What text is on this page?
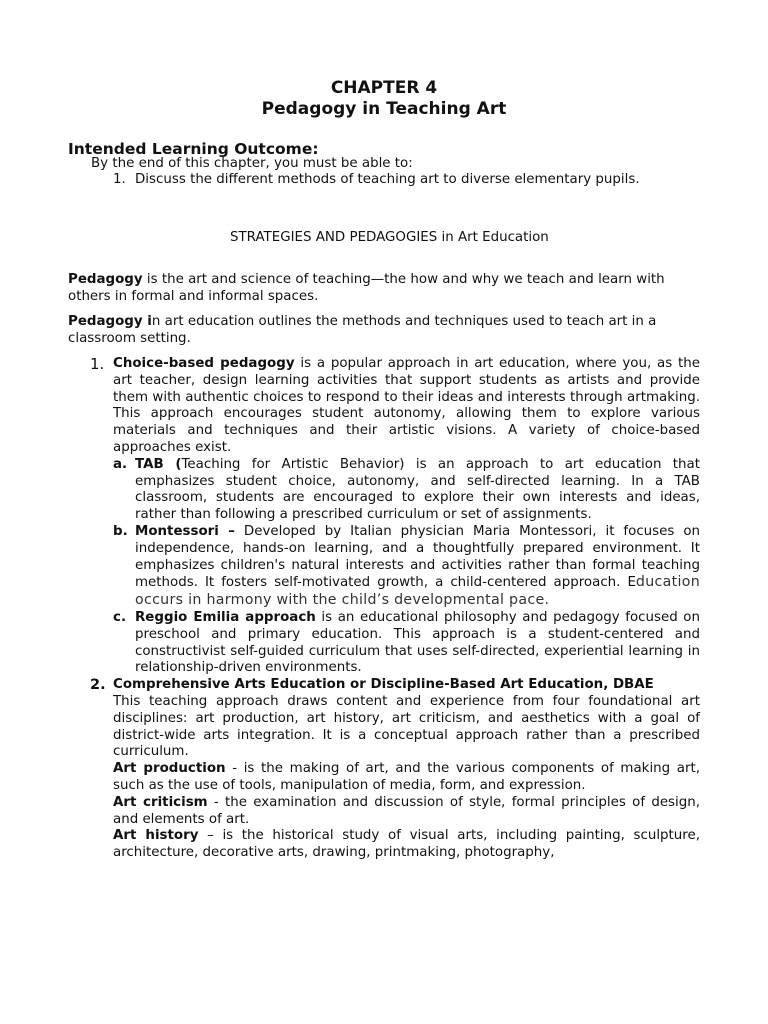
CHAPTER 4
Pedagogy in Teaching Art
Intended Learning Outcome:
By the end of this chapter, you must be able to:
1. Discuss the different methods of teaching art to diverse elementary pupils.
STRATEGIES AND PEDAGOGIES in Art Education

Pedagogy is the art and science of teaching—the how and why we teach and learn with others in formal and informal spaces.

Pedagogy in art education outlines the methods and techniques used to teach art in a classroom setting.

1. Choice-based pedagogy is a popular approach in art education, where you, as the art teacher, design learning activities that support students as artists and provide them with authentic choices to respond to their ideas and interests through artmaking. This approach encourages student autonomy, allowing them to explore various materials and techniques and their artistic visions. A variety of choice-based approaches exist.

a. TAB (Teaching for Artistic Behavior) is an approach to art education that emphasizes student choice, autonomy, and self-directed learning. In a TAB classroom, students are encouraged to explore their own interests and ideas, rather than following a prescribed curriculum or set of assignments.

b. Montessori – Developed by Italian physician Maria Montessori, it focuses on independence, hands-on learning, and a thoughtfully prepared environment. It emphasizes children's natural interests and activities rather than formal teaching methods. It fosters self-motivated growth, a child-centered approach. Education occurs in harmony with the child’s developmental pace.

c. Reggio Emilia approach is an educational philosophy and pedagogy focused on preschool and primary education. This approach is a student-centered and constructivist self-guided curriculum that uses self-directed, experiential learning in relationship-driven environments.

2. Comprehensive Arts Education or Discipline-Based Art Education, DBAE

This teaching approach draws content and experience from four foundational art disciplines: art production, art history, art criticism, and aesthetics with a goal of district-wide arts integration. It is a conceptual approach rather than a prescribed curriculum.

Art production - is the making of art, and the various components of making art, such as the use of tools, manipulation of media, form, and expression.

Art criticism - the examination and discussion of style, formal principles of design, and elements of art.

Art history – is the historical study of visual arts, including painting, sculpture, architecture, decorative arts, drawing, printmaking, photography,
